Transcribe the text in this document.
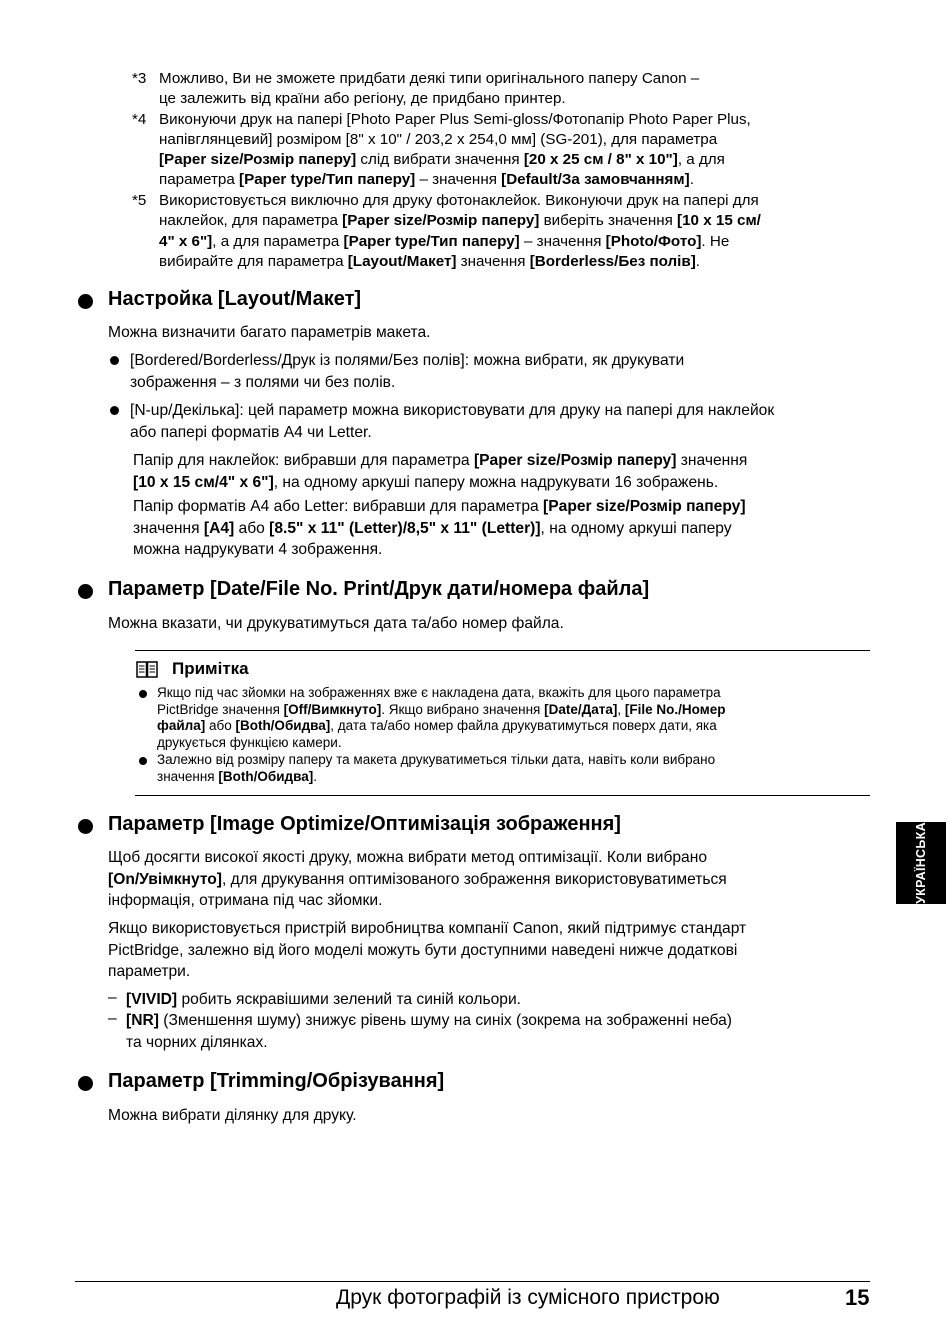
*3 Можливо, Ви не зможете придбати деякі типи оригінального паперу Canon –
це залежить від країни або регіону, де придбано принтер.
*4 Виконуючи друк на папері [Photo Paper Plus Semi-gloss/Фотопапір Photo Paper Plus,
напівглянцевий] розміром [8" x 10" / 203,2 x 254,0 мм] (SG-201), для параметра
[Paper size/Розмір паперу] слід вибрати значення [20 x 25 см / 8" x 10"], а для
параметра [Paper type/Тип паперу] – значення [Default/За замовчанням].
*5 Використовується виключно для друку фотонаклейок. Виконуючи друк на папері для
наклейок, для параметра [Paper size/Розмір паперу] виберіть значення [10 x 15 см/
4" x 6"], а для параметра [Paper type/Тип паперу] – значення [Photo/Фото]. Не
вибирайте для параметра [Layout/Макет] значення [Borderless/Без полів].
Настройка [Layout/Макет]
Можна визначити багато параметрів макета.
[Bordered/Borderless/Друк із полями/Без полів]: можна вибрати, як друкувати
зображення – з полями чи без полів.
[N-up/Декілька]: цей параметр можна використовувати для друку на папері для наклейок
або папері форматів A4 чи Letter.
Папір для наклейок: вибравши для параметра [Paper size/Розмір паперу] значення
[10 x 15 см/4" x 6"], на одному аркуші паперу можна надрукувати 16 зображень.
Папір форматів A4 або Letter: вибравши для параметра [Paper size/Розмір паперу]
значення [A4] або [8.5" x 11" (Letter)/8,5" x 11" (Letter)], на одному аркуші паперу
можна надрукувати 4 зображення.
Параметр [Date/File No. Print/Друк дати/номера файла]
Можна вказати, чи друкуватимуться дата та/або номер файла.
Примітка
Якщо під час зйомки на зображеннях вже є накладена дата, вкажіть для цього параметра
PictBridge значення [Off/Вимкнуто]. Якщо вибрано значення [Date/Дата], [File No./Номер
файла] або [Both/Обидва], дата та/або номер файла друкуватимуться поверх дати, яка
друкується функцією камери.
Залежно від розміру паперу та макета друкуватиметься тільки дата, навіть коли вибрано
значення [Both/Обидва].
Параметр [Image Optimize/Оптимізація зображення]
Щоб досягти високої якості друку, можна вибрати метод оптимізації. Коли вибрано
[On/Увімкнуто], для друкування оптимізованого зображення використовуватиметься
інформація, отримана під час зйомки.
Якщо використовується пристрій виробництва компанії Canon, який підтримує стандарт
PictBridge, залежно від його моделі можуть бути доступними наведені нижче додаткові
параметри.
– [VIVID] робить яскравішими зелений та синій кольори.
– [NR] (Зменшення шуму) знижує рівень шуму на синіх (зокрема на зображенні неба)
та чорних ділянках.
Параметр [Trimming/Обрізування]
Можна вибрати ділянку для друку.
УКРАЇНСЬКА
Друк фотографій із сумісного пристрою	15
